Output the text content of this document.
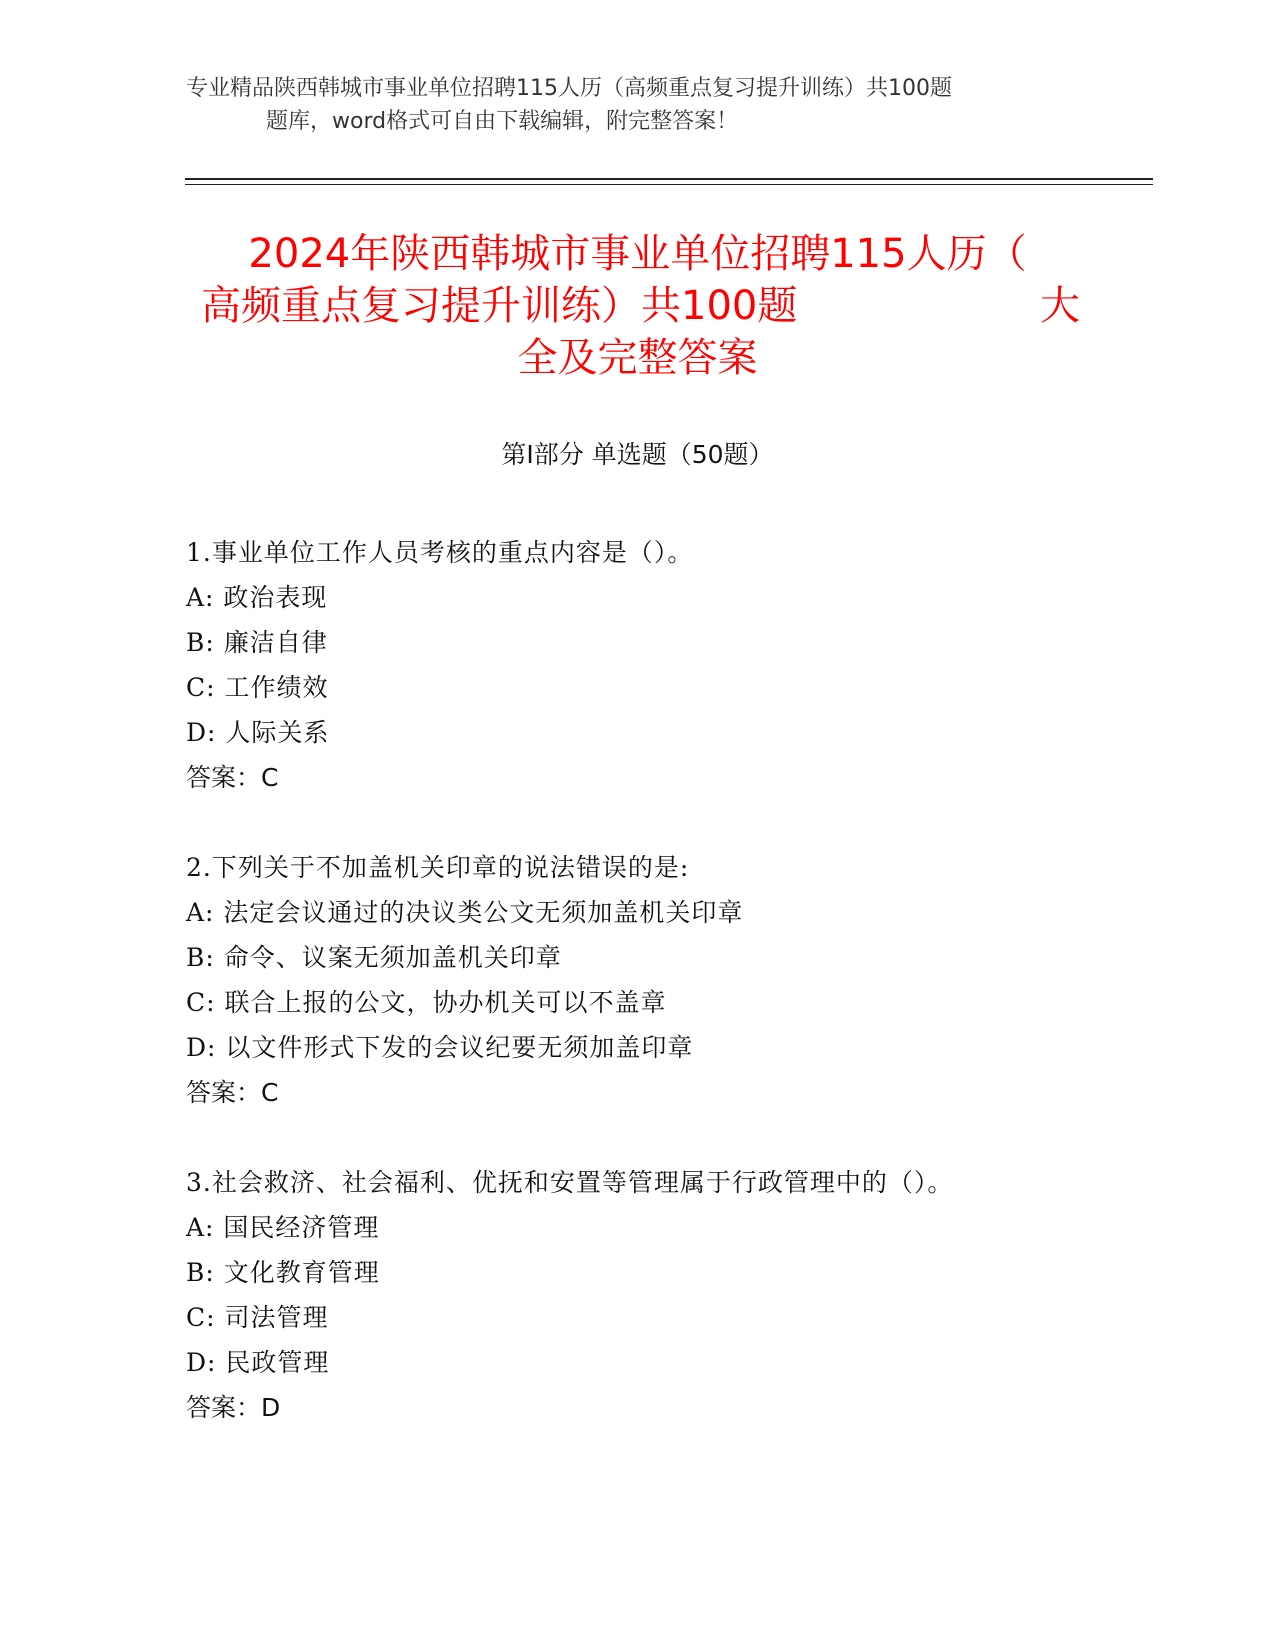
专业精品陕西韩城市事业单位招聘115人历（高频重点复习提升训练）共100题
题库，word格式可自由下载编辑，附完整答案！
2024年陕西韩城市事业单位招聘115人历（
高频重点复习提升训练）共100题	大
全及完整答案
第Ⅰ部分 单选题（50题）
1.事业单位工作人员考核的重点内容是（）。
A: 政治表现
B: 廉洁自律
C: 工作绩效
D: 人际关系
答案：C
2.下列关于不加盖机关印章的说法错误的是:
A: 法定会议通过的决议类公文无须加盖机关印章
B: 命令、议案无须加盖机关印章
C: 联合上报的公文，协办机关可以不盖章
D: 以文件形式下发的会议纪要无须加盖印章
答案：C
3.社会救济、社会福利、优抚和安置等管理属于行政管理中的（）。
A: 国民经济管理
B: 文化教育管理
C: 司法管理
D: 民政管理
答案：D
